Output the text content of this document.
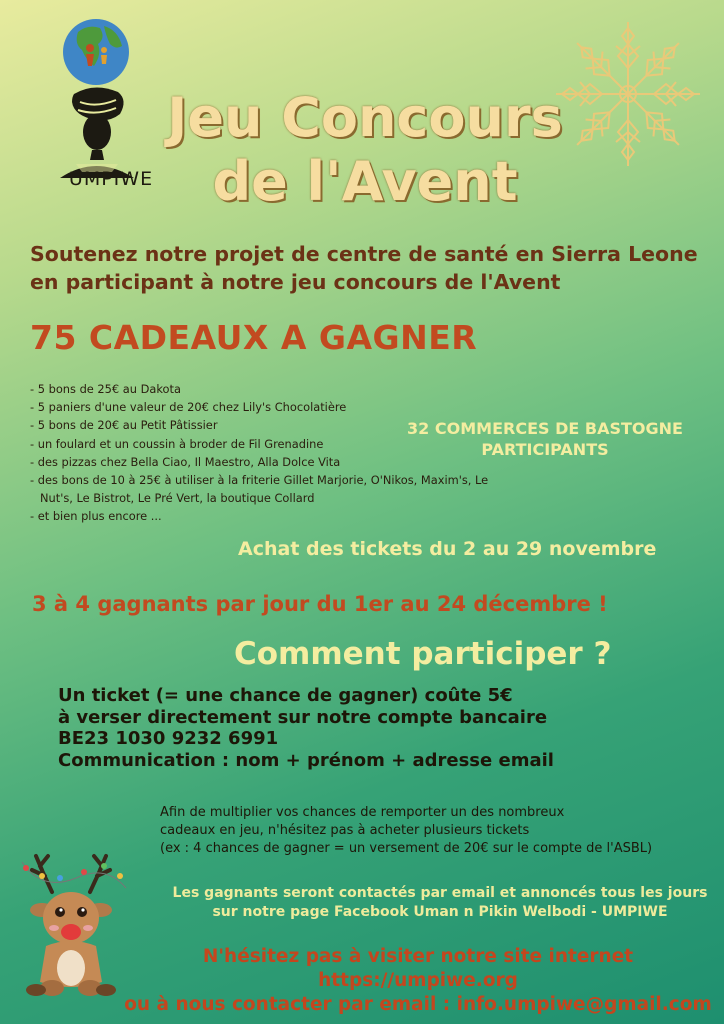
UMPIWE
Jeu Concours
de l'Avent
Soutenez notre projet de centre de santé en Sierra Leone
en participant à notre jeu concours de l'Avent
75 CADEAUX A GAGNER
- 5 bons de 25€ au Dakota
- 5 paniers d'une valeur de 20€ chez Lily's Chocolatière
- 5 bons de 20€ au Petit Pâtissier
- un foulard et un coussin à broder de Fil Grenadine
- des pizzas chez Bella Ciao, Il Maestro, Alla Dolce Vita
- des bons de 10 à 25€ à utiliser à la friterie Gillet Marjorie, O'Nikos, Maxim's, Le Nut's, Le Bistrot, Le Pré Vert, la boutique Collard
- et bien plus encore ...
32 COMMERCES DE BASTOGNE
PARTICIPANTS
Achat des tickets du 2 au 29 novembre
3 à 4 gagnants par jour du 1er au 24 décembre !
Comment participer ?
Un ticket (= une chance de gagner) coûte 5€
à verser directement sur notre compte bancaire
BE23 1030 9232 6991
Communication : nom + prénom + adresse email
Afin de multiplier vos chances de remporter un des nombreux
cadeaux en jeu, n'hésitez pas à acheter plusieurs tickets
(ex : 4 chances de gagner = un versement de 20€ sur le compte de l'ASBL)
Les gagnants seront contactés par email et annoncés tous les jours
sur notre page Facebook Uman n Pikin Welbodi - UMPIWE
N'hésitez pas à visiter notre site internet https://umpiwe.org
ou à nous contacter par email : info.umpiwe@gmail.com
